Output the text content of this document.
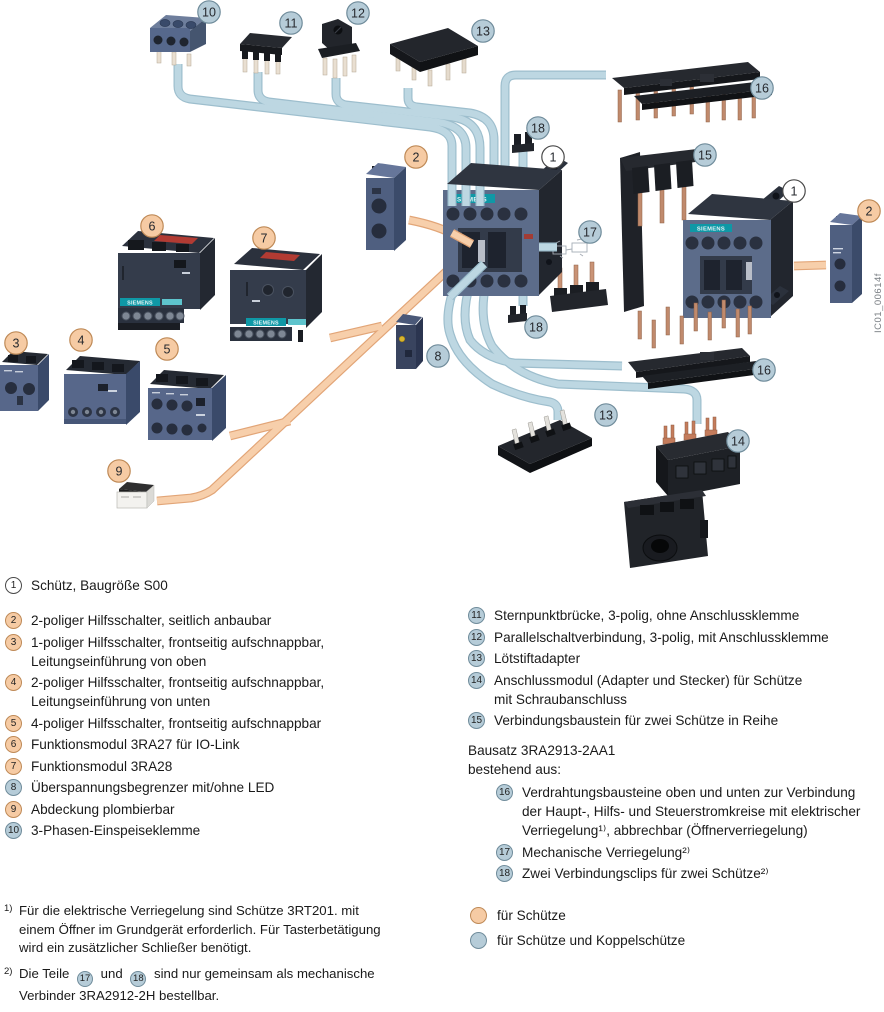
SIEMENS
SIEMENS
SIEMENS
SIEMENS
10
11
12
13
16
18
1
2	15
1
2
17
6
7
3	4
5	8
18
16
13
14
9
IC01_00614f
1	Schütz, Baugröße S00
2	2-poliger Hilfsschalter, seitlich anbaubar
3	1-poliger Hilfsschalter, frontseitig aufschnappbar,
Leitungseinführung von oben
4	2-poliger Hilfsschalter, frontseitig aufschnappbar,
Leitungseinführung von unten
5	4-poliger Hilfsschalter, frontseitig aufschnappbar
6	Funktionsmodul 3RA27 für IO-Link
7	Funktionsmodul 3RA28
8	Überspannungsbegrenzer mit/ohne LED
9	Abdeckung plombierbar
10 3-Phasen-Einspeiseklemme
11 Sternpunktbrücke, 3-polig, ohne Anschlussklemme
12 Parallelschaltverbindung, 3-polig, mit Anschlussklemme
13 Lötstiftadapter
14 Anschlussmodul (Adapter und Stecker) für Schütze
mit Schraubanschluss
15 Verbindungsbaustein für zwei Schütze in Reihe
Bausatz 3RA2913-2AA1
bestehend aus:
16 Verdrahtungsbausteine oben und unten zur Verbindung
der Haupt-, Hilfs- und Steuerstromkreise mit elektrischer
Verriegelung¹⁾, abbrechbar (Öffnerverriegelung)
17 Mechanische Verriegelung²⁾
18 Zwei Verbindungsclips für zwei Schütze²⁾
für Schütze
für Schütze und Koppelschütze
1) Für die elektrische Verriegelung sind Schütze 3RT201. mit
einem Öffner im Grundgerät erforderlich. Für Tasterbetätigung
wird ein zusätzlicher Schließer benötigt.
2) Die Teile 17 und 18 sind nur gemeinsam als mechanische
Verbinder 3RA2912-2H bestellbar.
